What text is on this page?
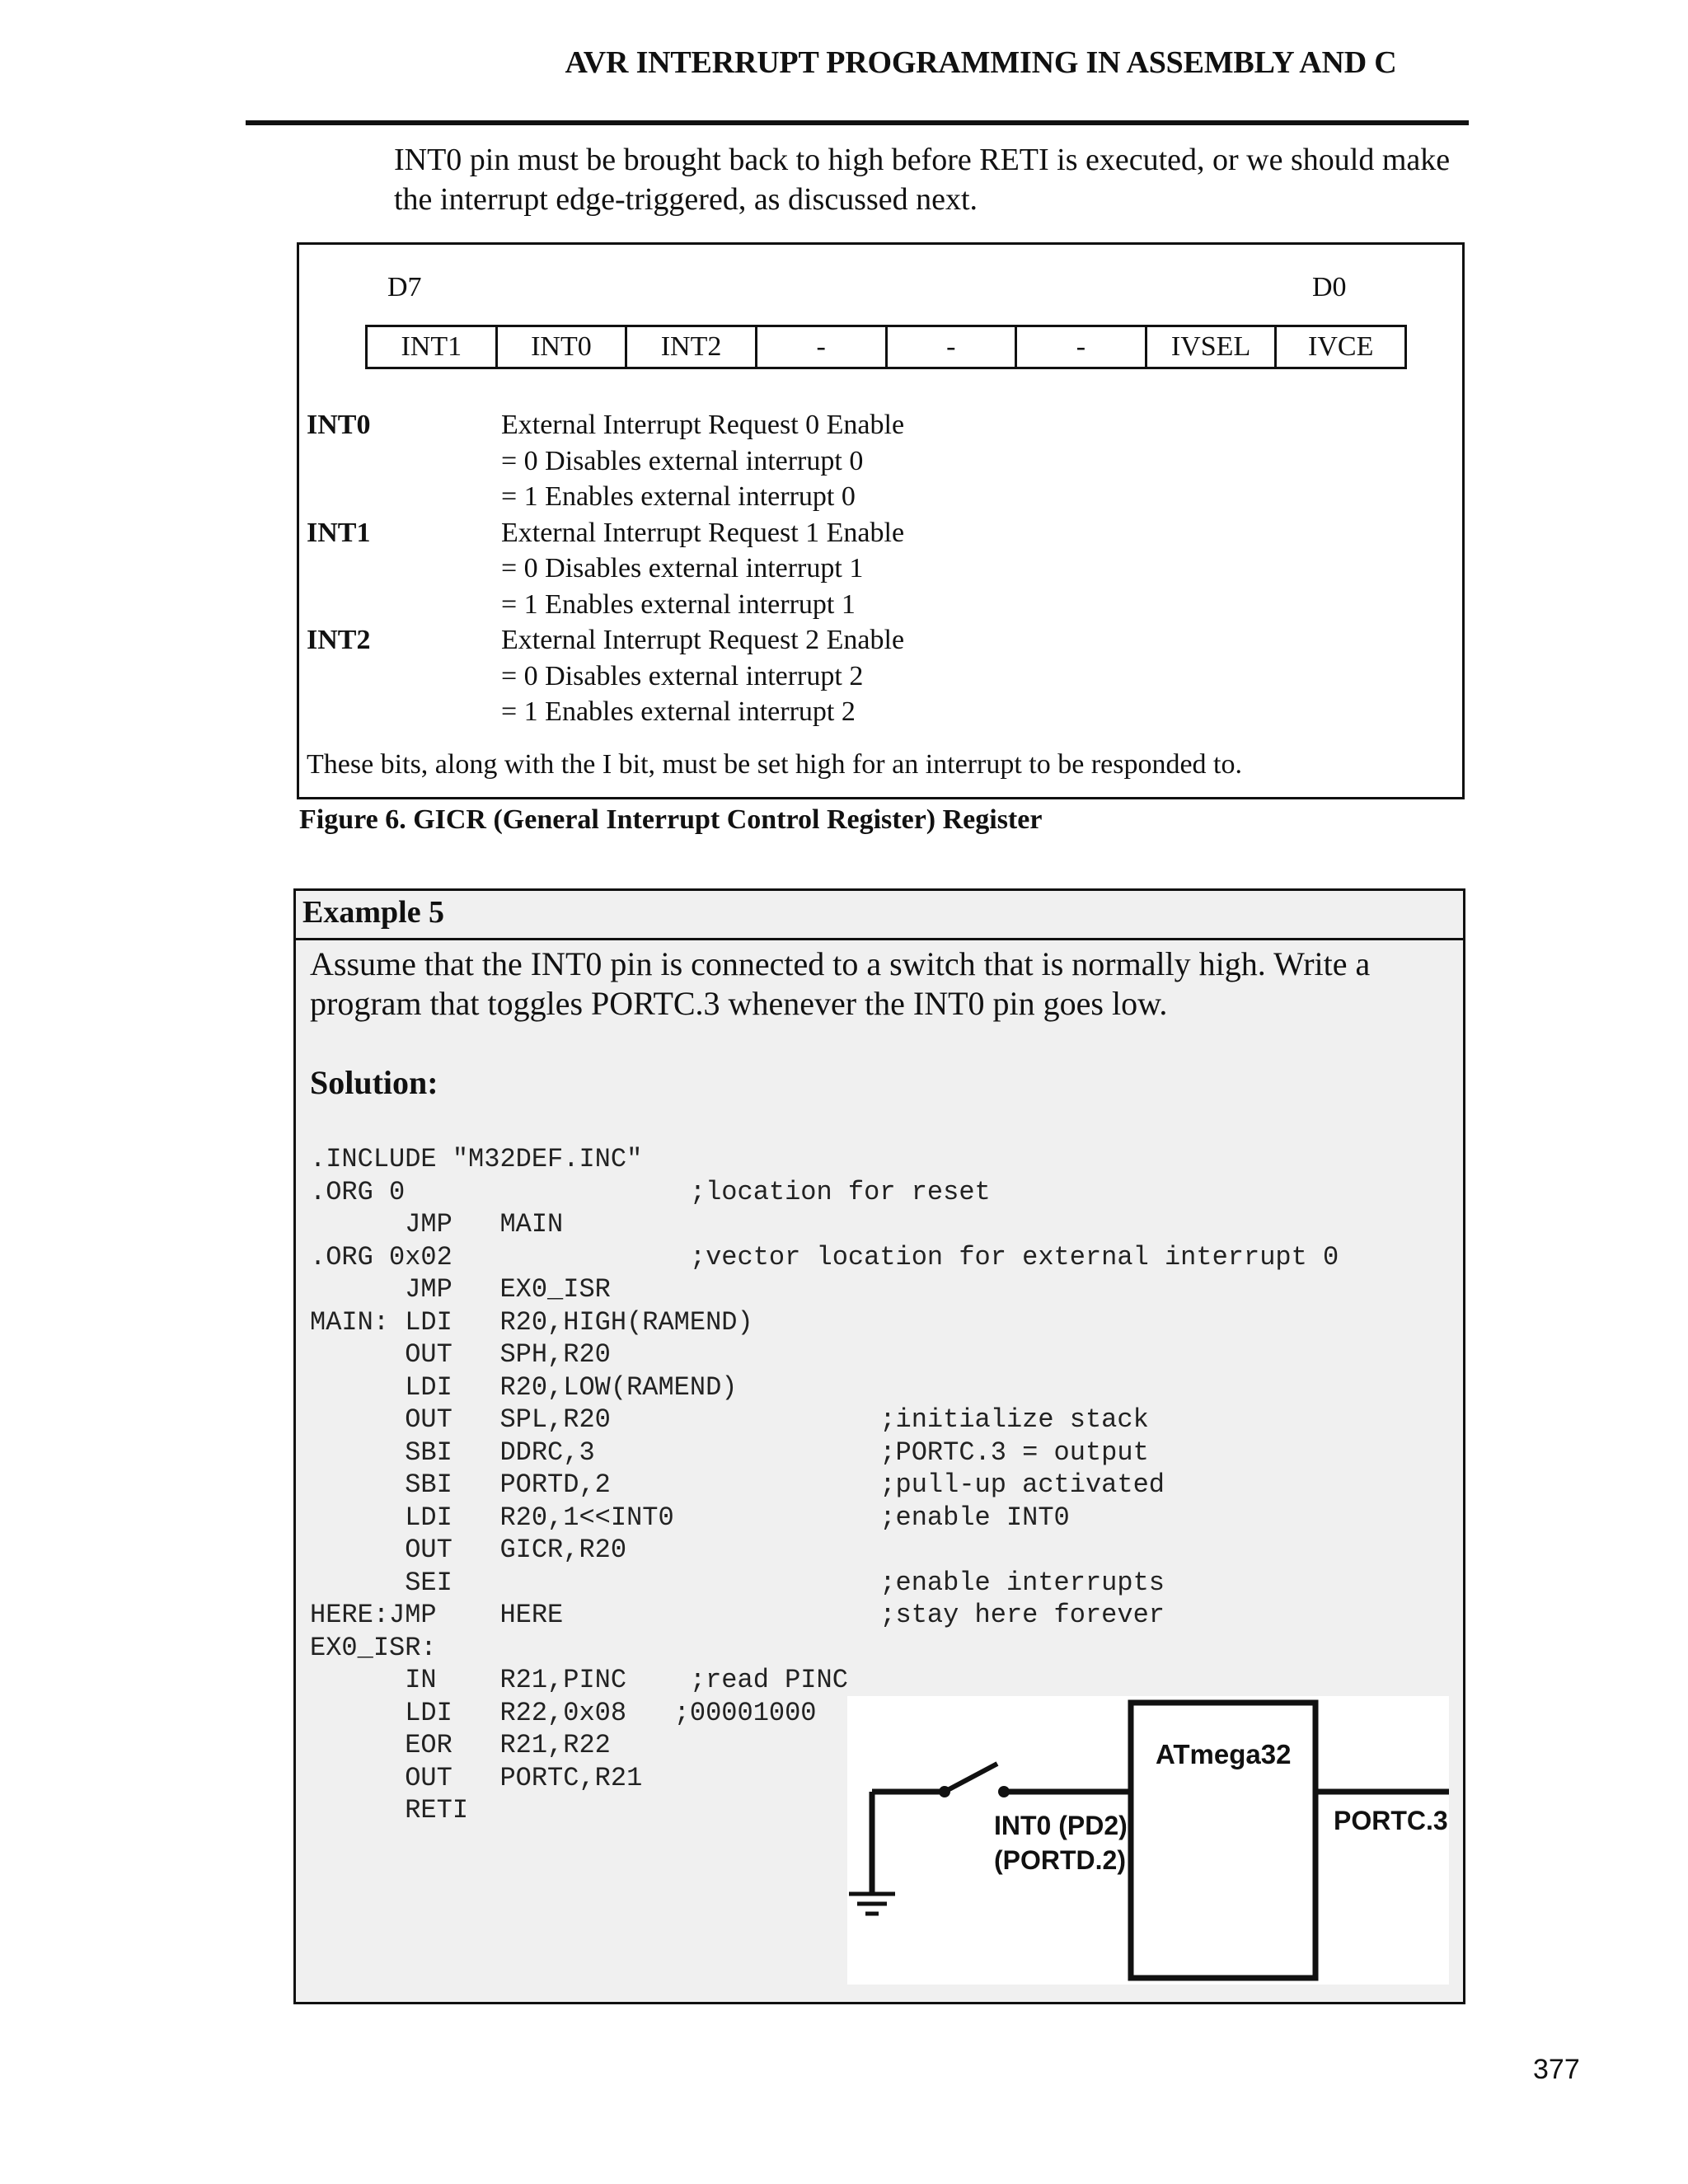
AVR INTERRUPT PROGRAMMING IN ASSEMBLY AND C

INT0 pin must be brought back to high before RETI is executed, or we should make the interrupt edge-triggered, as discussed next.

D7	D0
INT1	INT0	INT2	-	-	-	IVSEL	IVCE
INT0	External Interrupt Request 0 Enable
= 0 Disables external interrupt 0
= 1 Enables external interrupt 0
INT1	External Interrupt Request 1 Enable
= 0 Disables external interrupt 1
= 1 Enables external interrupt 1
INT2	External Interrupt Request 2 Enable
= 0 Disables external interrupt 2
= 1 Enables external interrupt 2

These bits, along with the I bit, must be set high for an interrupt to be responded to.

Figure 6. GICR (General Interrupt Control Register) Register

Example 5

Assume that the INT0 pin is connected to a switch that is normally high. Write a program that toggles PORTC.3 whenever the INT0 pin goes low.

Solution:

.INCLUDE "M32DEF.INC"
.ORG 0                  ;location for reset
JMP   MAIN
.ORG 0x02               ;vector location for external interrupt 0
JMP   EX0_ISR
MAIN: LDI   R20,HIGH(RAMEND)
OUT   SPH,R20
LDI   R20,LOW(RAMEND)
OUT   SPL,R20                 ;initialize stack
SBI   DDRC,3                  ;PORTC.3 = output
SBI   PORTD,2                 ;pull-up activated
LDI   R20,1<<INT0             ;enable INT0
OUT   GICR,R20
SEI                           ;enable interrupts
HERE:JMP    HERE                    ;stay here forever
EX0_ISR:
IN    R21,PINC    ;read PINC
LDI   R22,0x08   ;00001000
EOR   R21,R22
OUT   PORTC,R21
RETI
ATmega32
PORTC.3
INT0 (PD2)
(PORTD.2)
377
